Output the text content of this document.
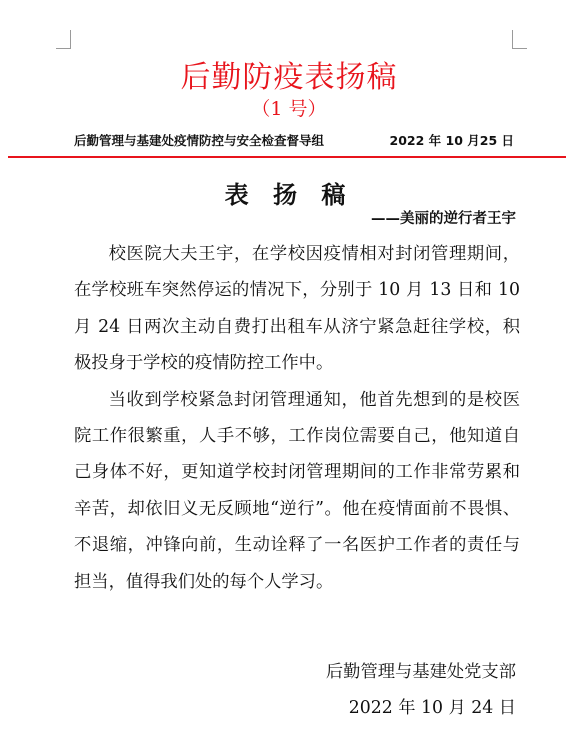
后勤防疫表扬稿
（1 号）
后勤管理与基建处疫情防控与安全检查督导组	2022 年 10 月25 日
表 扬 稿
——美丽的逆行者王宇

校医院大夫王宇，在学校因疫情相对封闭管理期间，在学校班车突然停运的情况下，分别于 10 月 13 日和 10 月 24 日两次主动自费打出租车从济宁紧急赶往学校，积极投身于学校的疫情防控工作中。

当收到学校紧急封闭管理通知，他首先想到的是校医院工作很繁重，人手不够，工作岗位需要自己，他知道自己身体不好，更知道学校封闭管理期间的工作非常劳累和辛苦，却依旧义无反顾地“逆行”。他在疫情面前不畏惧、不退缩，冲锋向前，生动诠释了一名医护工作者的责任与担当，值得我们处的每个人学习。

后勤管理与基建处党支部
2022 年 10 月 24 日
